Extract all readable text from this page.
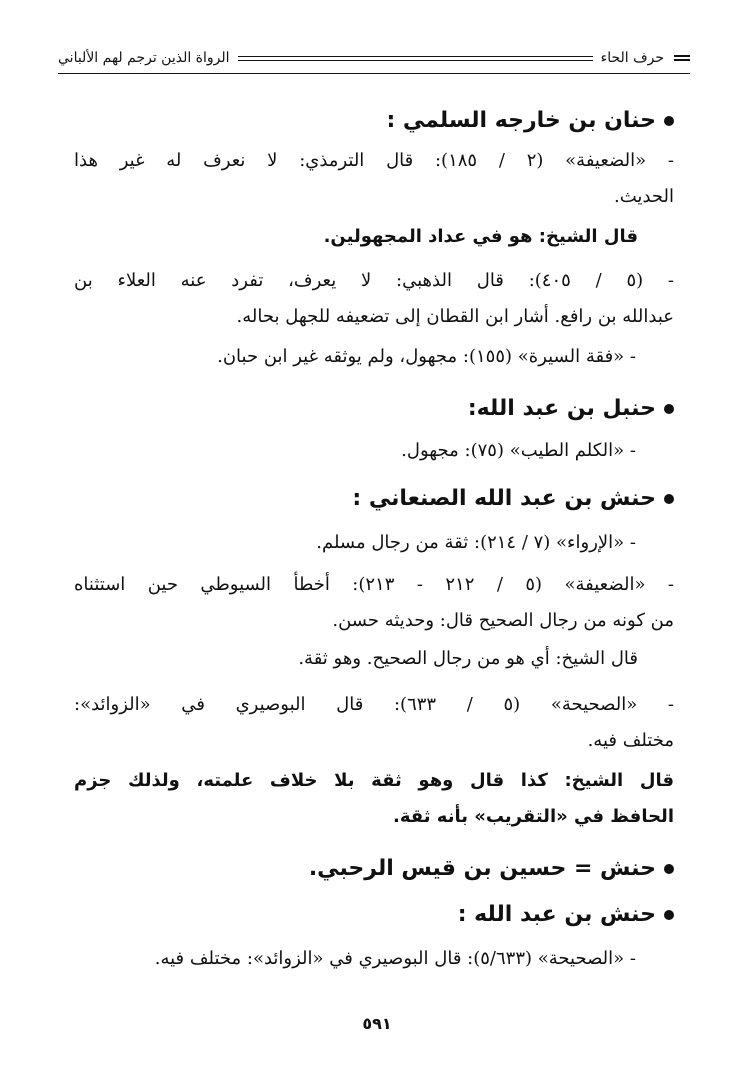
حرف الحاء
الرواة الذين ترجم لهم الألباني
حنان بن خارجه السلمي :
- «الضعيفة» (٢ / ١٨٥): قال الترمذي: لا نعرف له غير هذا
الحديث.
قال الشيخ: هو في عداد المجهولين.
- (٥ / ٤٠٥): قال الذهبي: لا يعرف، تفرد عنه العلاء بن
عبدالله بن رافع. أشار ابن القطان إلى تضعيفه للجهل بحاله.
- «فقة السيرة» (١٥٥): مجهول، ولم يوثقه غير ابن حبان.
حنبل بن عبد الله:
- «الكلم الطيب» (٧٥): مجهول.
حنش بن عبد الله الصنعاني :
- «الإرواء» (٧ / ٢١٤): ثقة من رجال مسلم.
- «الضعيفة» (٥ / ٢١٢ - ٢١٣): أخطأ السيوطي حين استثناه
من كونه من رجال الصحيح قال: وحديثه حسن.
قال الشيخ: أي هو من رجال الصحيح. وهو ثقة.
- «الصحيحة» (٥ / ٦٣٣): قال البوصيري في «الزوائد»:
مختلف فيه.
قال الشيخ: كذا قال وهو ثقة بلا خلاف علمته، ولذلك جزم
الحافظ في «التقريب» بأنه ثقة.
حنش = حسين بن قيس الرحبي.
حنش بن عبد الله :
- «الصحيحة» (٥/٦٣٣): قال البوصيري في «الزوائد»: مختلف فيه.
٥٩١
